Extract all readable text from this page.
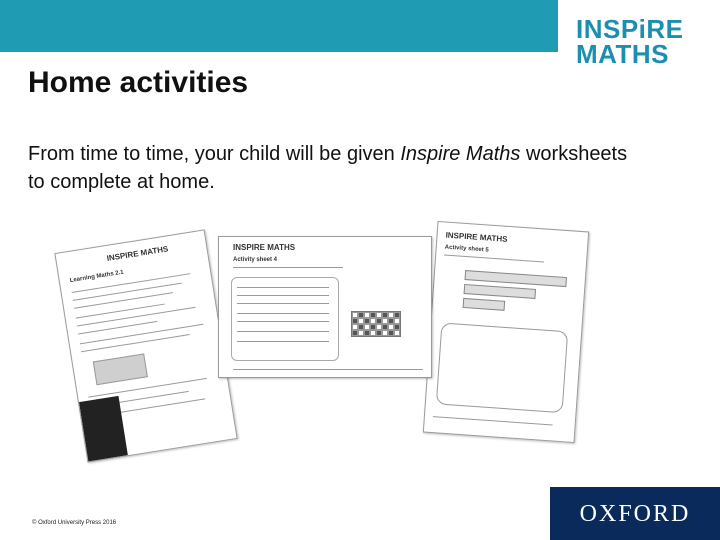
INSPiRE
MATHS
Home activities
From time to time, your child will be given Inspire Maths worksheets to complete at home.
INSPIRE MATHS
Learning Maths 2.1
INSPIRE MATHS
Activity sheet 5
INSPIRE MATHS
Activity sheet 4
© Oxford University Press 2016	OXFORD
